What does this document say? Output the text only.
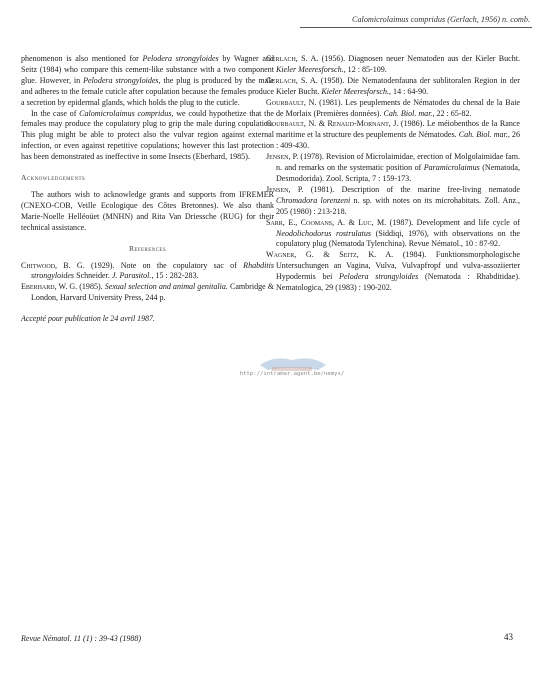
Calomicrolaimus compridus (Gerlach, 1956) n. comb.

phenomenon is also mentioned for Pelodera strongyloides by Wagner and Seitz (1984) who compare this cement-like substance with a two component glue. However, in Pelodera strongyloides, the plug is produced by the male and adheres to the female cuticle after copulation because the females produce a secretion by epidermal glands, which holds the plug to the cuticle.

In the case of Calomicrolaimus compridus, we could hypothetize that the females may produce the copulatory plug to grip the male during copulation. This plug might be able to protect also the vulvar region against external infection, or even against repetitive copulations; however this last protection has been demonstrated as ineffective in some Insects (Eberhard, 1985).

Acknowledgements

The authors wish to acknowledge grants and supports from IFREMER (CNEXO-COB, Veille Ecologique des Côtes Bretonnes). We also thank Marie-Noelle Helléoüet (MNHN) and Rita Van Driessche (RUG) for their technical assistance.

References

Chitwood, B. G. (1929). Note on the copulatory sac of Rhabditis strongyloides Schneider. J. Parasitol., 15 : 282-283.

Eberhard, W. G. (1985). Sexual selection and animal genitalia. Cambridge & London, Harvard University Press, 244 p.

Accepté pour publication le 24 avril 1987.

Gerlach, S. A. (1956). Diagnosen neuer Nematoden aus der Kieler Bucht. Kieler Meeresforsch., 12 : 85-109.

Gerlach, S. A. (1958). Die Nematodenfauna der sublitoralen Region in der Kieler Bucht. Kieler Meeresforsch., 14 : 64-90.

Gourbault, N. (1981). Les peuplements de Nématodes du chenal de la Baie de Morlaix (Premières données). Cah. Biol. mar., 22 : 65-82.

Gourbault, N. & Renaud-Mornant, J. (1986). Le méiobenthos de la Rance maritime et la structure des peuplements de Nématodes. Cah. Biol. mar., 26 : 409-430.

Jensen, P. (1978). Revision of Microlaimidae, erection of Molgolaimidae fam. n. and remarks on the systematic position of Paramicrolaimus (Nematoda, Desmodorida). Zool. Scripta, 7 : 159-173.

Jensen, P. (1981). Description of the marine free-living nematode Chromadora lorenzeni n. sp. with notes on its microhabitats. Zoll. Anz., 205 (1980) : 213-218.

Sarr, E., Coomans, A. & Luc, M. (1987). Development and life cycle of Neodolichodorus rostrulatus (Siddiqi, 1976), with observations on the copulatory plug (Nematoda Tylenchina). Revue Nématol., 10 : 87-92.

Wagner, G. & Seitz, K. A. (1984). Funktionsmorphologische Untersuchungen an Vagina, Vulva, Vulvapfropf und vulva-assoziierter Hypodermis bei Pelodera strongyloides (Nematoda : Rhabditidae). Nematologica, 29 (1983) : 190-202.

http://intramar.agent.be/nemys/
Revue Nématol. 11 (1) : 39-43 (1988)	43
